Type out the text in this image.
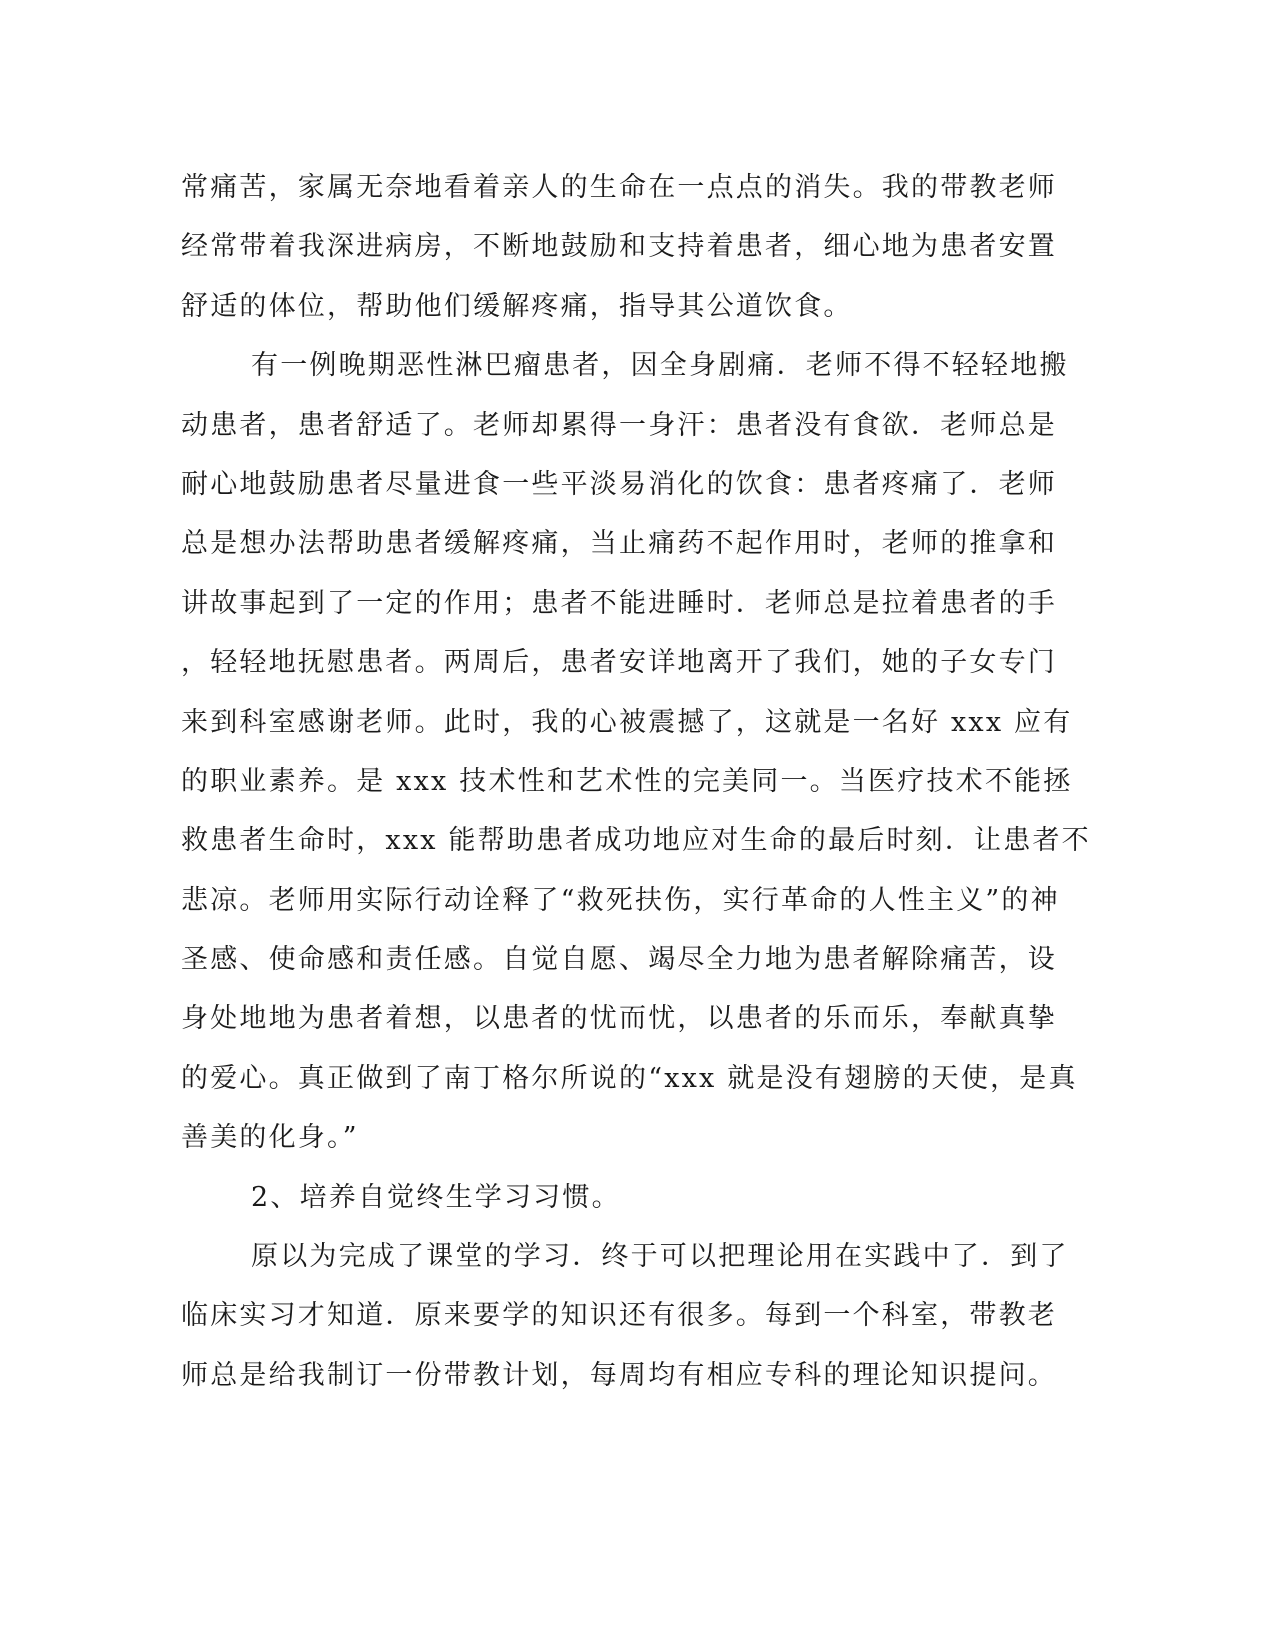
常痛苦，家属无奈地看着亲人的生命在一点点的消失。我的带教老师
经常带着我深进病房，不断地鼓励和支持着患者，细心地为患者安置
舒适的体位，帮助他们缓解疼痛，指导其公道饮食。
有一例晚期恶性淋巴瘤患者，因全身剧痛．老师不得不轻轻地搬
动患者，患者舒适了。老师却累得一身汗：患者没有食欲．老师总是
耐心地鼓励患者尽量进食一些平淡易消化的饮食：患者疼痛了．老师
总是想办法帮助患者缓解疼痛，当止痛药不起作用时，老师的推拿和
讲故事起到了一定的作用；患者不能进睡时．老师总是拉着患者的手
，轻轻地抚慰患者。两周后，患者安详地离开了我们，她的子女专门
来到科室感谢老师。此时，我的心被震撼了，这就是一名好 xxx 应有
的职业素养。是 xxx 技术性和艺术性的完美同一。当医疗技术不能拯
救患者生命时，xxx 能帮助患者成功地应对生命的最后时刻．让患者不
悲凉。老师用实际行动诠释了“救死扶伤，实行革命的人性主义”的神
圣感、使命感和责任感。自觉自愿、竭尽全力地为患者解除痛苦，设
身处地地为患者着想，以患者的忧而忧，以患者的乐而乐，奉献真挚
的爱心。真正做到了南丁格尔所说的“xxx 就是没有翅膀的天使，是真
善美的化身。”
2、培养自觉终生学习习惯。
原以为完成了课堂的学习．终于可以把理论用在实践中了．到了
临床实习才知道．原来要学的知识还有很多。每到一个科室，带教老
师总是给我制订一份带教计划，每周均有相应专科的理论知识提问。
